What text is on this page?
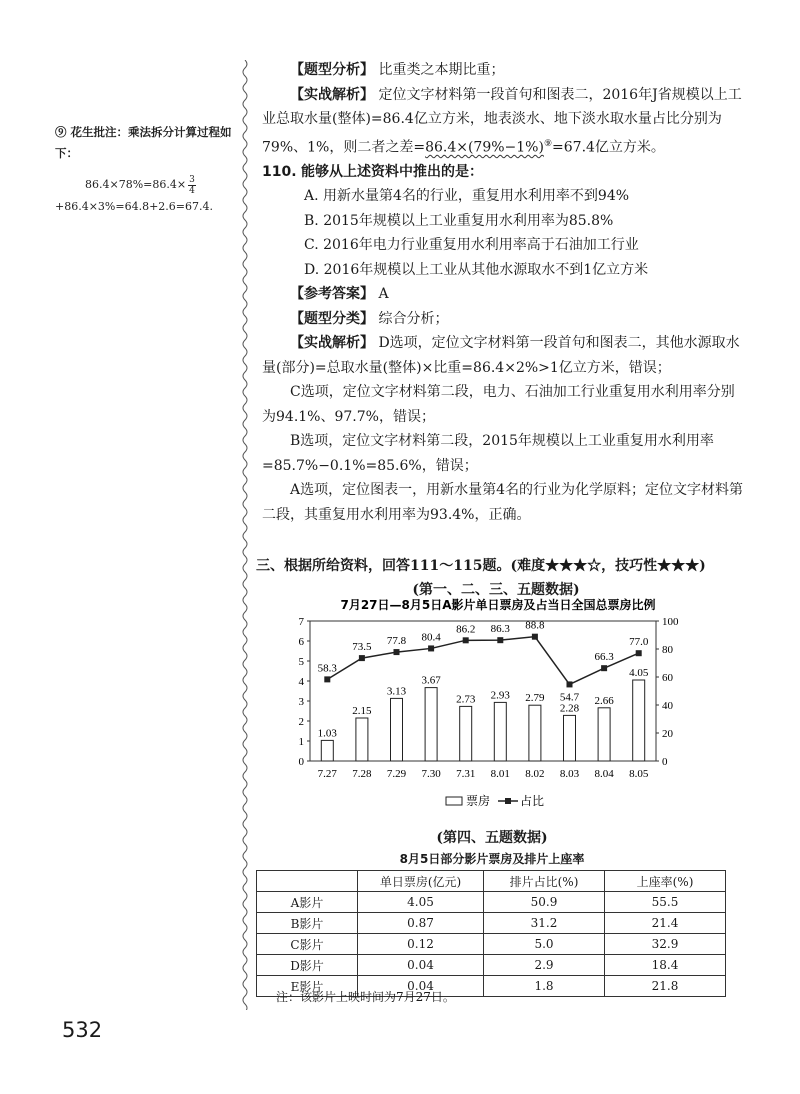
⑨ 花生批注：乘法拆分计算过程如下：
$86.4\times 78\%=86.4\times \frac{3}{4}$
+86.4×3%=64.8+2.6=67.4.

【题型分析】 比重类之本期比重；

【实战解析】 定位文字材料第一段首句和图表二，2016年J省规模以上工业总取水量(整体)=86.4亿立方米，地表淡水、地下淡水取水量占比分别为79%、1%，则二者之差=86.4×(79%−1%)⑨=67.4亿立方米。

110. 能够从上述资料中推出的是：

A. 用新水量第4名的行业，重复用水利用率不到94%

B. 2015年规模以上工业重复用水利用率为85.8%

C. 2016年电力行业重复用水利用率高于石油加工行业

D. 2016年规模以上工业从其他水源取水不到1亿立方米

【参考答案】 A

【题型分类】 综合分析；

【实战解析】 D选项，定位文字材料第一段首句和图表二，其他水源取水量(部分)=总取水量(整体)×比重=86.4×2%>1亿立方米，错误；

C选项，定位文字材料第二段，电力、石油加工行业重复用水利用率分别为94.1%、97.7%，错误；

B选项，定位文字材料第二段，2015年规模以上工业重复用水利用率=85.7%−0.1%=85.6%，错误；

A选项，定位图表一，用新水量第4名的行业为化学原料；定位文字材料第二段，其重复用水利用率为93.4%，正确。

三、根据所给资料，回答111～115题。(难度★★★☆，技巧性★★★)
(第一、二、三、五题数据)
7月27日—8月5日A影片单日票房及占当日全国总票房比例
0
1
2
3
4
5
6
7
0
20
40
60
80
100
1.03
7.27
2.15
7.28
3.13
7.29
3.67
7.30
2.73
7.31
2.93
8.01
2.79
8.02
2.28
8.03
2.66
8.04
4.05
8.05
58.3
73.5
77.8 80.4
86.2 86.3 88.8
54.7
66.3
77.0
票房 占比
(第四、五题数据)
8月5日部分影片票房及排片上座率
	单日票房(亿元)	排片占比(%)	上座率(%)
A影片	4.05	50.9	55.5
B影片	0.87	31.2	21.4
C影片	0.12	5.0	32.9
D影片	0.04	2.9	18.4
E影片	0.04	1.8	21.8
注：该影片上映时间为7月27日。
532
